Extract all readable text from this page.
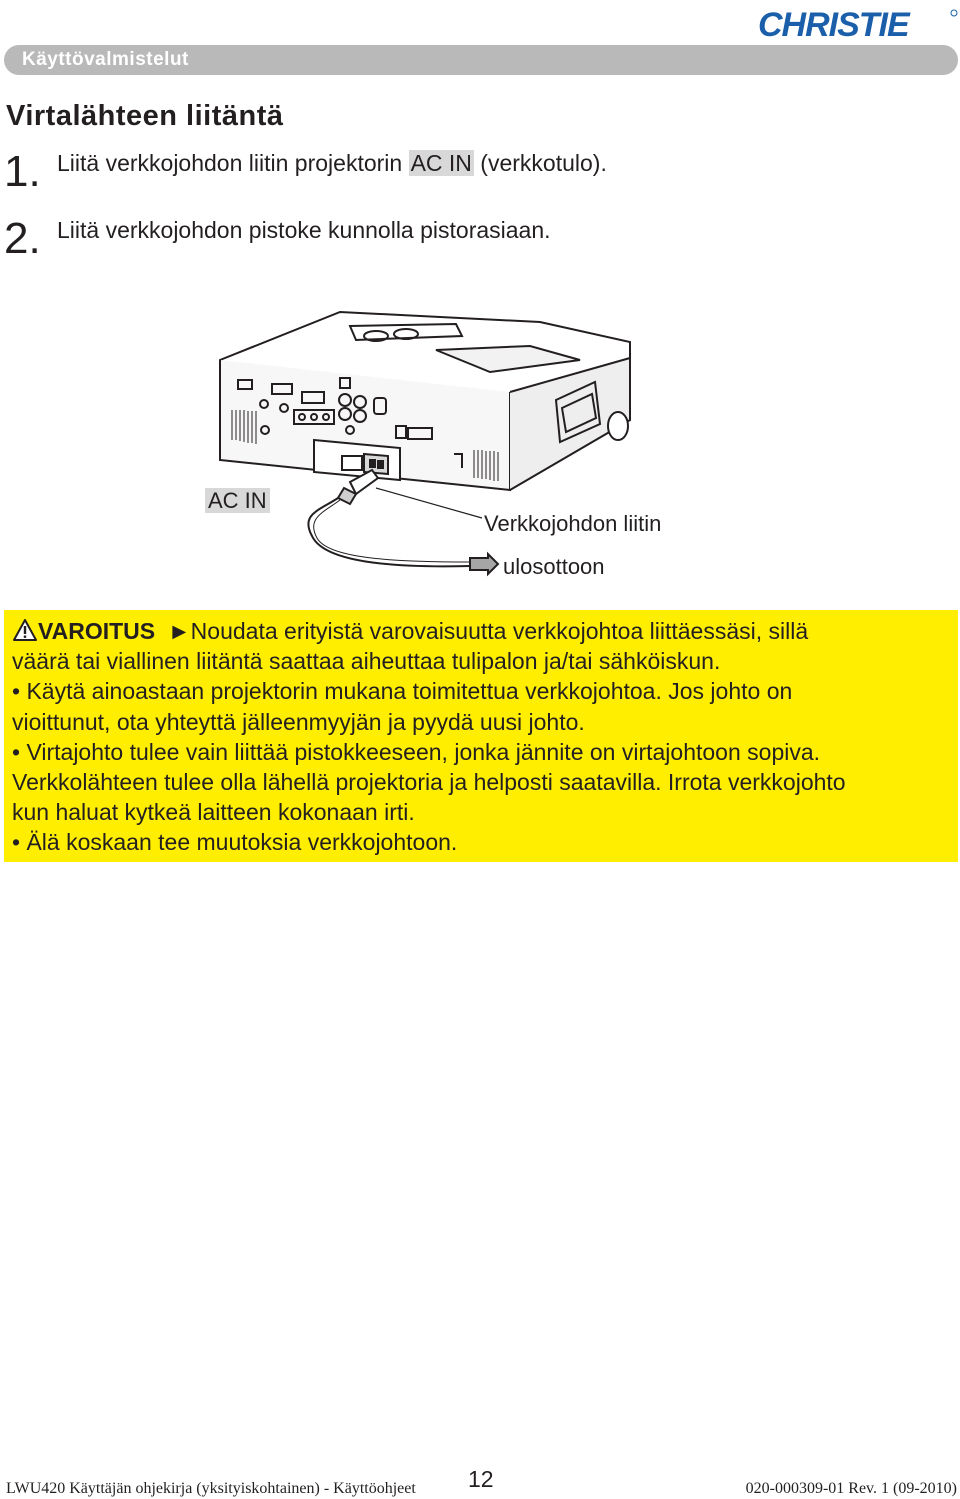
CHRISTIE
Käyttövalmistelut
Virtalähteen liitäntä
1. Liitä verkkojohdon liitin projektorin AC IN (verkkotulo).
2. Liitä verkkojohdon pistoke kunnolla pistorasiaan.
AC IN
Verkkojohdon liitin
ulosottoon

VAROITUS ►Noudata erityistä varovaisuutta verkkojohtoa liittäessäsi, sillä

väärä tai viallinen liitäntä saattaa aiheuttaa tulipalon ja/tai sähköiskun.

• Käytä ainoastaan projektorin mukana toimitettua verkkojohtoa. Jos johto on

vioittunut, ota yhteyttä jälleenmyyjän ja pyydä uusi johto.

• Virtajohto tulee vain liittää pistokkeeseen, jonka jännite on virtajohtoon sopiva.

Verkkolähteen tulee olla lähellä projektoria ja helposti saatavilla. Irrota verkkojohto

kun haluat kytkeä laitteen kokonaan irti.

• Älä koskaan tee muutoksia verkkojohtoon.

LWU420 Käyttäjän ohjekirja (yksityiskohtainen) - Käyttöohjeet 12	020-000309-01 Rev. 1 (09-2010)
